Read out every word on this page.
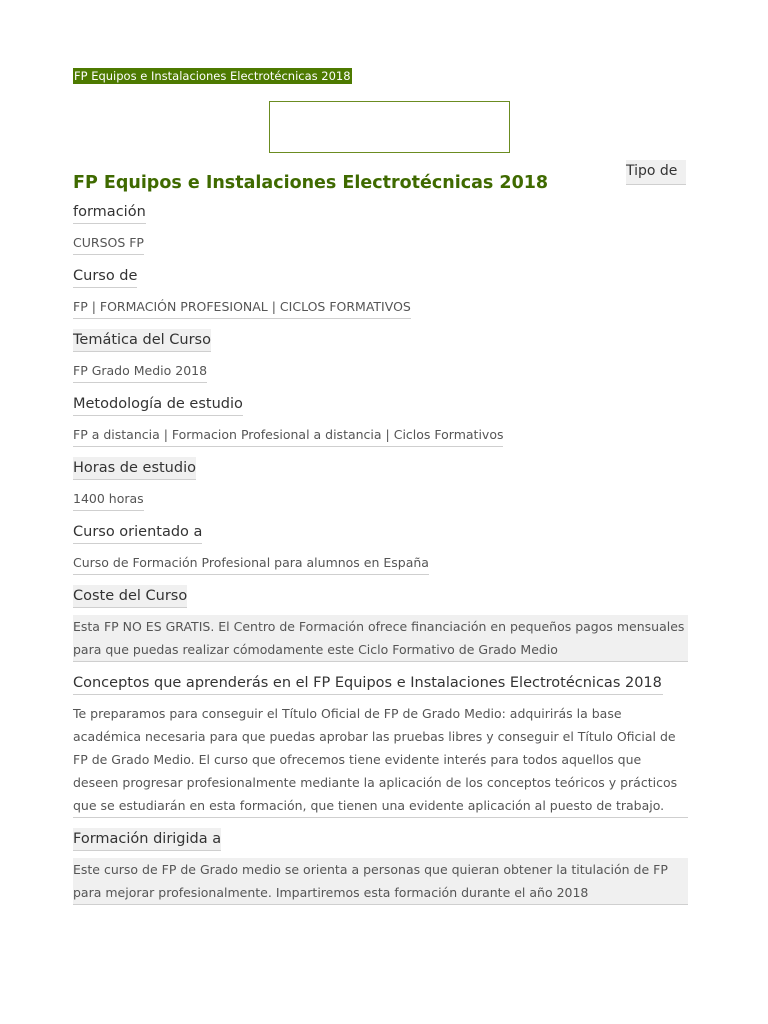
FP Equipos e Instalaciones Electrotécnicas 2018
Tipo de
FP Equipos e Instalaciones Electrotécnicas 2018
formación
CURSOS FP
Curso de
FP | FORMACIÓN PROFESIONAL | CICLOS FORMATIVOS
Temática del Curso
FP Grado Medio 2018
Metodología de estudio
FP a distancia | Formacion Profesional a distancia | Ciclos Formativos
Horas de estudio
1400 horas
Curso orientado a
Curso de Formación Profesional para alumnos en España
Coste del Curso
Esta FP NO ES GRATIS. El Centro de Formación ofrece financiación en pequeños pagos mensuales para que puedas realizar cómodamente este Ciclo Formativo de Grado Medio
Conceptos que aprenderás en el FP Equipos e Instalaciones Electrotécnicas 2018
Te preparamos para conseguir el Título Oficial de FP de Grado Medio: adquirirás la base académica necesaria para que puedas aprobar las pruebas libres y conseguir el Título Oficial de FP de Grado Medio. El curso que ofrecemos tiene evidente interés para todos aquellos que deseen progresar profesionalmente mediante la aplicación de los conceptos teóricos y prácticos que se estudiarán en esta formación, que tienen una evidente aplicación al puesto de trabajo.
Formación dirigida a
Este curso de FP de Grado medio se orienta a personas que quieran obtener la titulación de FP para mejorar profesionalmente. Impartiremos esta formación durante el año 2018
